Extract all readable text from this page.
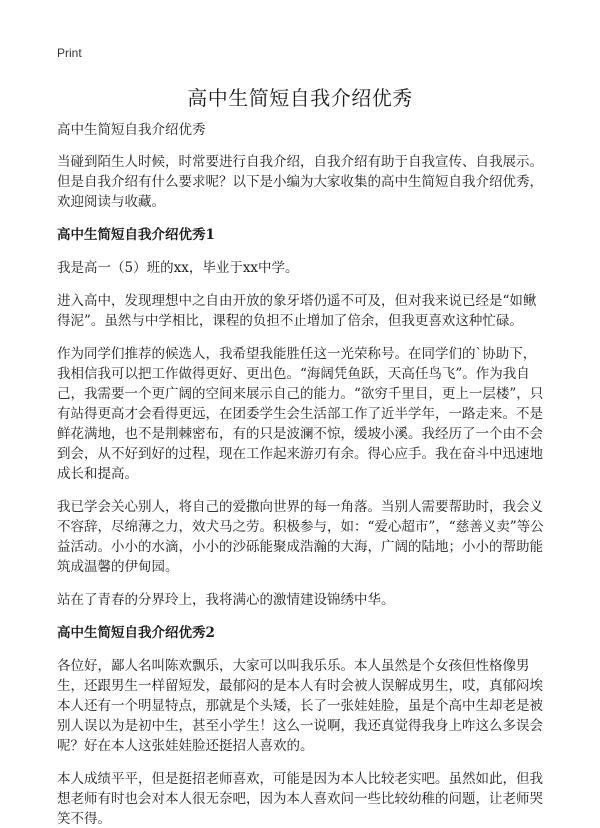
Print
高中生简短自我介绍优秀

高中生简短自我介绍优秀

当碰到陌生人时候，时常要进行自我介绍，自我介绍有助于自我宣传、自我展示。但是自我介绍有什么要求呢？以下是小编为大家收集的高中生简短自我介绍优秀，欢迎阅读与收藏。

高中生简短自我介绍优秀1

我是高一（5）班的xx，毕业于xx中学。

进入高中，发现理想中之自由开放的象牙塔仍遥不可及，但对我来说已经是“如鳅得泥”。虽然与中学相比，课程的负担不止增加了倍余，但我更喜欢这种忙碌。

作为同学们推荐的候选人，我希望我能胜任这一光荣称号。在同学们的`协助下，我相信我可以把工作做得更好、更出色。“海阔凭鱼跃，天高任鸟飞”。作为我自己，我需要一个更广阔的空间来展示自己的能力。“欲穷千里目，更上一层楼”，只有站得更高才会看得更远，在团委学生会生活部工作了近半学年，一路走来。不是鲜花满地，也不是荆棘密布，有的只是波澜不惊，缓坡小溪。我经历了一个由不会到会，从不好到好的过程，现在工作起来游刃有余。得心应手。我在奋斗中迅速地成长和提高。

我已学会关心别人，将自己的爱撒向世界的每一角落。当别人需要帮助时，我会义不容辞，尽绵薄之力，效犬马之劳。积极参与，如：“爱心超市”，“慈善义卖”等公益活动。小小的水滴，小小的沙砾能聚成浩瀚的大海，广阔的陆地；小小的帮助能筑成温馨的伊甸园。

站在了青春的分界玲上，我将满心的激情建设锦绣中华。

高中生简短自我介绍优秀2

各位好，鄙人名叫陈欢飘乐，大家可以叫我乐乐。本人虽然是个女孩但性格像男生，还跟男生一样留短发，最郁闷的是本人有时会被人误解成男生，哎，真郁闷埃本人还有一个明显特点，那就是个头矮，长了一张娃娃脸，虽是个高中生却老是被别人误以为是初中生，甚至小学生！这么一说啊，我还真觉得我身上咋这么多误会呢？好在本人这张娃娃脸还挺招人喜欢的。

本人成绩平平，但是挺招老师喜欢，可能是因为本人比较老实吧。虽然如此，但我想老师有时也会对本人很无奈吧，因为本人喜欢问一些比较幼稚的问题，让老师哭笑不得。
